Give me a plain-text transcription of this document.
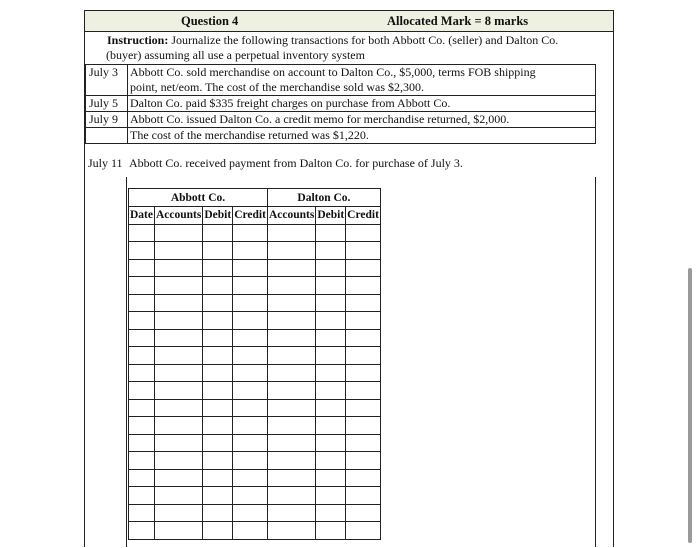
Question 4	Allocated Mark = 8 marks
Instruction: Journalize the following transactions for both Abbott Co. (seller) and Dalton Co.
(buyer) assuming all use a perpetual inventory system
July 3 Abbott Co. sold merchandise on account to Dalton Co., $5,000, terms FOB shipping
point, net/eom. The cost of the merchandise sold was $2,300.
July 5 Dalton Co. paid $335 freight charges on purchase from Abbott Co.
July 9 Abbott Co. issued Dalton Co. a credit memo for merchandise returned, $2,000.
The cost of the merchandise returned was $1,220.
July 11 Abbott Co. received payment from Dalton Co. for purchase of July 3.
Abbott Co.				Dalton Co.		
Date	Accounts	Debit	Credit	Accounts	Debit	Credit
